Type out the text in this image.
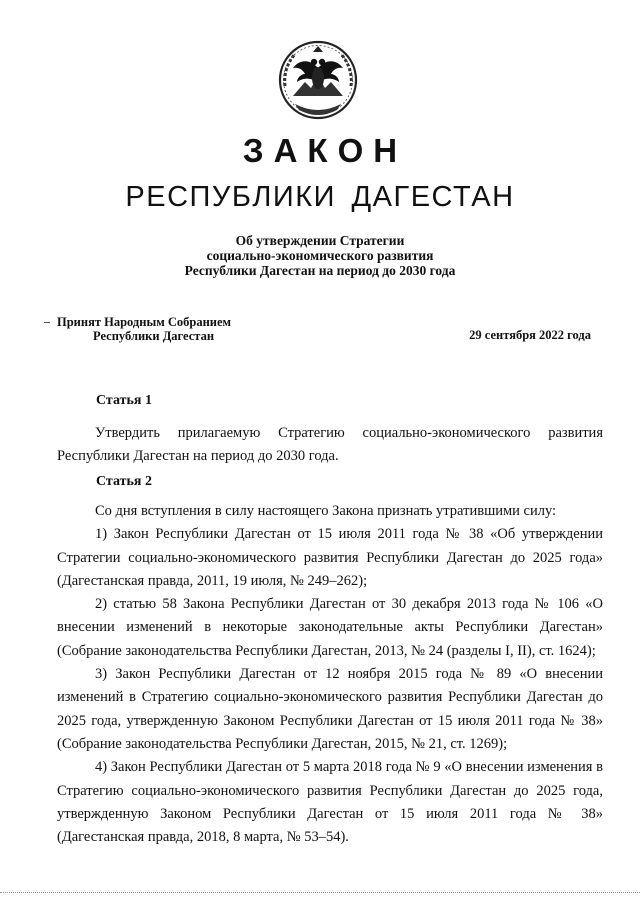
ЗАКОН
РЕСПУБЛИКИ ДАГЕСТАН
Об утверждении Стратегии
социально-экономического развития
Республики Дагестан на период до 2030 года
Принят Народным Собранием
Республики Дагестан	29 сентября 2022 года
Статья 1

Утвердить прилагаемую Стратегию социально-экономического развития Республики Дагестан на период до 2030 года.

Статья 2

Со дня вступления в силу настоящего Закона признать утратившими силу:

1) Закон Республики Дагестан от 15 июля 2011 года № 38 «Об утверждении Стратегии социально-экономического развития Республики Дагестан до 2025 года» (Дагестанская правда, 2011, 19 июля, № 249–262);

2) статью 58 Закона Республики Дагестан от 30 декабря 2013 года № 106 «О внесении изменений в некоторые законодательные акты Республики Дагестан» (Собрание законодательства Республики Дагестан, 2013, № 24 (разделы I, II), ст. 1624);

3) Закон Республики Дагестан от 12 ноября 2015 года № 89 «О внесении изменений в Стратегию социально-экономического развития Республики Дагестан до 2025 года, утвержденную Законом Республики Дагестан от 15 июля 2011 года № 38» (Собрание законодательства Республики Дагестан, 2015, № 21, ст. 1269);

4) Закон Республики Дагестан от 5 марта 2018 года № 9 «О внесении изменения в Стратегию социально-экономического развития Республики Дагестан до 2025 года, утвержденную Законом Республики Дагестан от 15 июля 2011 года № 38» (Дагестанская правда, 2018, 8 марта, № 53–54).
